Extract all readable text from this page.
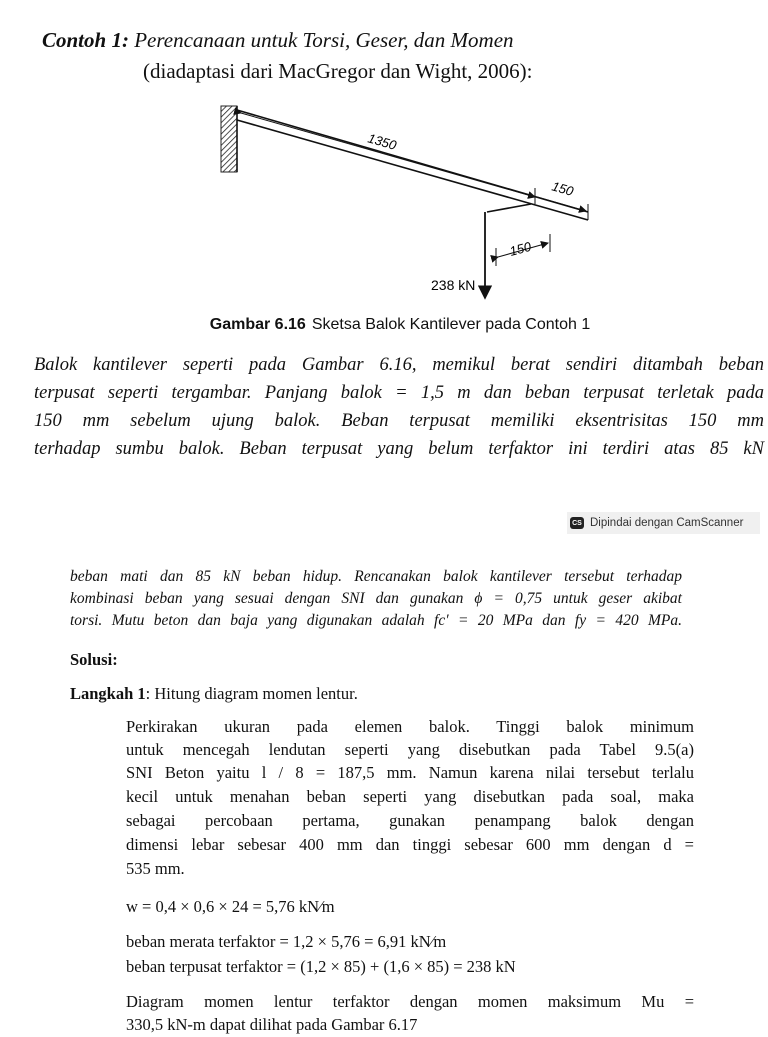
Contoh 1: Perencanaan untuk Torsi, Geser, dan Momen
(diadaptasi dari MacGregor dan Wight, 2006):
1350
150
238 kN
150
Gambar 6.16 Sketsa Balok Kantilever pada Contoh 1
Balok kantilever seperti pada Gambar 6.16, memikul berat sendiri ditambah beban
terpusat seperti tergambar. Panjang balok = 1,5 m dan beban terpusat terletak pada
150 mm sebelum ujung balok. Beban terpusat memiliki eksentrisitas 150 mm
terhadap sumbu balok. Beban terpusat yang belum terfaktor ini terdiri atas 85 kN
CS Dipindai dengan CamScanner
beban mati dan 85 kN beban hidup. Rencanakan balok kantilever tersebut terhadap
kombinasi beban yang sesuai dengan SNI dan gunakan ϕ = 0,75 untuk geser akibat
torsi. Mutu beton dan baja yang digunakan adalah fc′ = 20 MPa dan fy = 420 MPa.
Solusi:
Langkah 1: Hitung diagram momen lentur.
Perkirakan ukuran pada elemen balok. Tinggi balok minimum
untuk mencegah lendutan seperti yang disebutkan pada Tabel 9.5(a)
SNI Beton yaitu l / 8 = 187,5 mm. Namun karena nilai tersebut terlalu
kecil untuk menahan beban seperti yang disebutkan pada soal, maka
sebagai percobaan pertama, gunakan penampang balok dengan
dimensi lebar sebesar 400 mm dan tinggi sebesar 600 mm dengan d =
535 mm.
w = 0,4 × 0,6 × 24 = 5,76 kN⁄m
beban merata terfaktor = 1,2 × 5,76 = 6,91 kN⁄m
beban terpusat terfaktor = (1,2 × 85) + (1,6 × 85) = 238 kN
Diagram momen lentur terfaktor dengan momen maksimum Mu =
330,5 kN-m dapat dilihat pada Gambar 6.17
